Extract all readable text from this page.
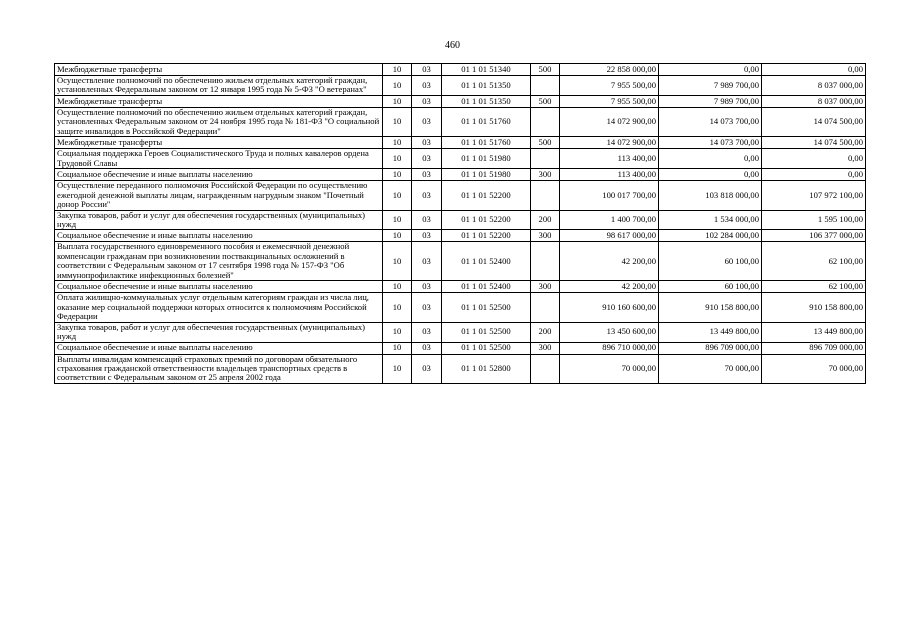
460
Межбюджетные трансферты	10	03	01 1 01 51340	500	22 858 000,00	0,00	0,00
Осуществление полномочий по обеспечению жильем отдельных категорий граждан, установленных Федеральным законом от 12 января 1995 года № 5-ФЗ "О ветеранах"	10	03	01 1 01 51350		7 955 500,00	7 989 700,00	8 037 000,00
Межбюджетные трансферты	10	03	01 1 01 51350	500	7 955 500,00	7 989 700,00	8 037 000,00
Осуществление полномочий по обеспечению жильем отдельных категорий граждан, установленных Федеральным законом от 24 ноября 1995 года № 181-ФЗ "О социальной защите инвалидов в Российской Федерации"	10	03	01 1 01 51760		14 072 900,00	14 073 700,00	14 074 500,00
Межбюджетные трансферты	10	03	01 1 01 51760	500	14 072 900,00	14 073 700,00	14 074 500,00
Социальная поддержка Героев Социалистического Труда и полных кавалеров ордена Трудовой Славы	10	03	01 1 01 51980		113 400,00	0,00	0,00
Социальное обеспечение и иные выплаты населению	10	03	01 1 01 51980	300	113 400,00	0,00	0,00
Осуществление переданного полномочия Российской Федерации по осуществлению ежегодной денежной выплаты лицам, награжденным нагрудным знаком "Почетный донор России"	10	03	01 1 01 52200		100 017 700,00	103 818 000,00	107 972 100,00
Закупка товаров, работ и услуг для обеспечения государственных (муниципальных) нужд	10	03	01 1 01 52200	200	1 400 700,00	1 534 000,00	1 595 100,00
Социальное обеспечение и иные выплаты населению	10	03	01 1 01 52200	300	98 617 000,00	102 284 000,00	106 377 000,00
Выплата государственного единовременного пособия и ежемесячной денежной компенсации гражданам при возникновении поствакцинальных осложнений в соответствии с Федеральным законом от 17 сентября 1998 года № 157-ФЗ "Об иммунопрофилактике инфекционных болезней"	10	03	01 1 01 52400		42 200,00	60 100,00	62 100,00
Социальное обеспечение и иные выплаты населению	10	03	01 1 01 52400	300	42 200,00	60 100,00	62 100,00
Оплата жилищно-коммунальных услуг отдельным категориям граждан из числа лиц, оказание мер социальной поддержки которых относится к полномочиям Российской Федерации	10	03	01 1 01 52500		910 160 600,00	910 158 800,00	910 158 800,00
Закупка товаров, работ и услуг для обеспечения государственных (муниципальных) нужд	10	03	01 1 01 52500	200	13 450 600,00	13 449 800,00	13 449 800,00
Социальное обеспечение и иные выплаты населению	10	03	01 1 01 52500	300	896 710 000,00	896 709 000,00	896 709 000,00
Выплаты инвалидам компенсаций страховых премий по договорам обязательного страхования гражданской ответственности владельцев транспортных средств в соответствии с Федеральным законом от 25 апреля 2002 года	10	03	01 1 01 52800		70 000,00	70 000,00	70 000,00
